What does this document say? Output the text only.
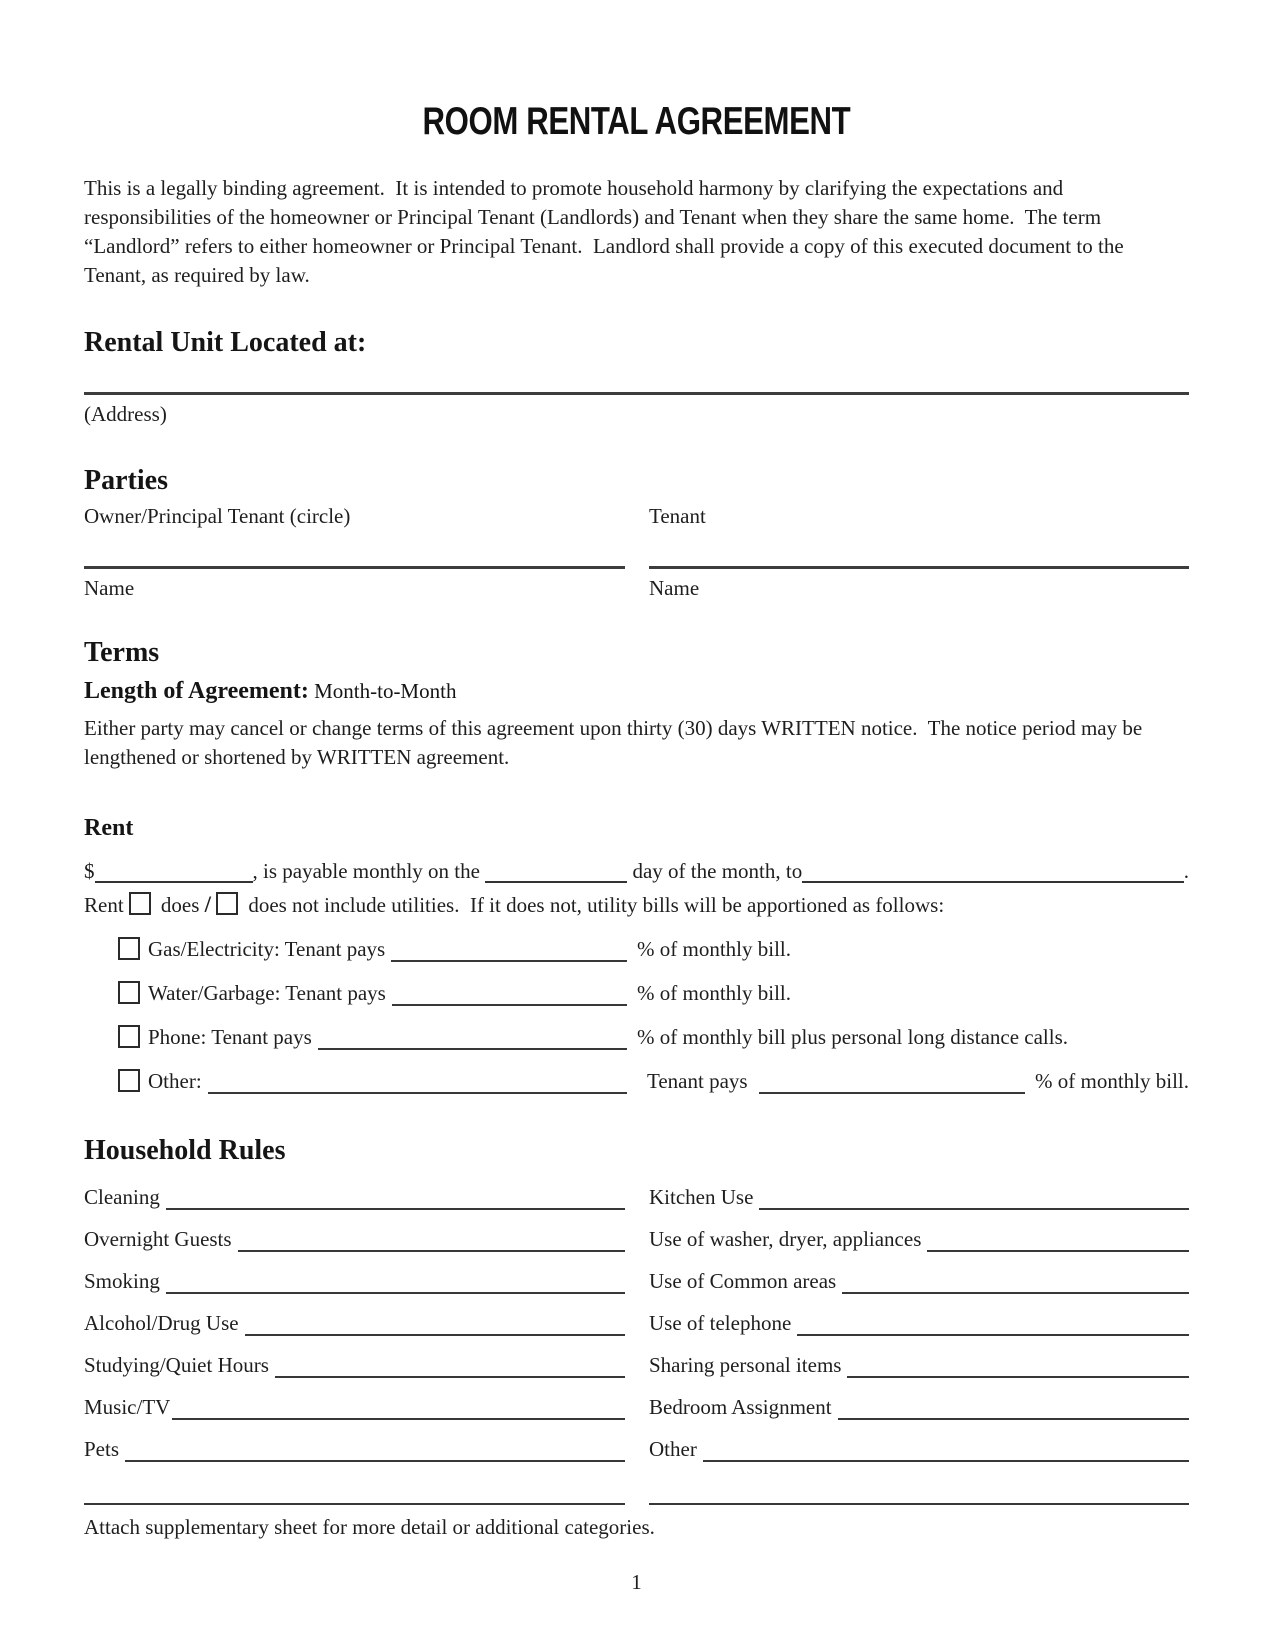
ROOM RENTAL AGREEMENT

This is a legally binding agreement.  It is intended to promote household harmony by clarifying the expectations and responsibilities of the homeowner or Principal Tenant (Landlords) and Tenant when they share the same home.  The term “Landlord” refers to either homeowner or Principal Tenant.  Landlord shall provide a copy of this executed document to the Tenant, as required by law.

Rental Unit Located at:
(Address)
Parties
Owner/Principal Tenant (circle)	Tenant
Name	Name
Terms
Length of Agreement: Month-to-Month

Either party may cancel or change terms of this agreement upon thirty (30) days WRITTEN notice.  The notice period may be lengthened or shortened by WRITTEN agreement.

Rent
$	, is payable monthly on the	day of the month, to	.
Rent does / does not include utilities.  If it does not, utility bills will be apportioned as follows:
Gas/Electricity: Tenant pays	% of monthly bill.
Water/Garbage: Tenant pays	% of monthly bill.
Phone: Tenant pays	% of monthly bill plus personal long distance calls.
Other:	Tenant pays	% of monthly bill.
Household Rules
Cleaning	Kitchen Use
Overnight Guests	Use of washer, dryer, appliances
Smoking	Use of Common areas
Alcohol/Drug Use	Use of telephone
Studying/Quiet Hours	Sharing personal items
Music/TV	Bedroom Assignment
Pets	Other
Attach supplementary sheet for more detail or additional categories.
1
